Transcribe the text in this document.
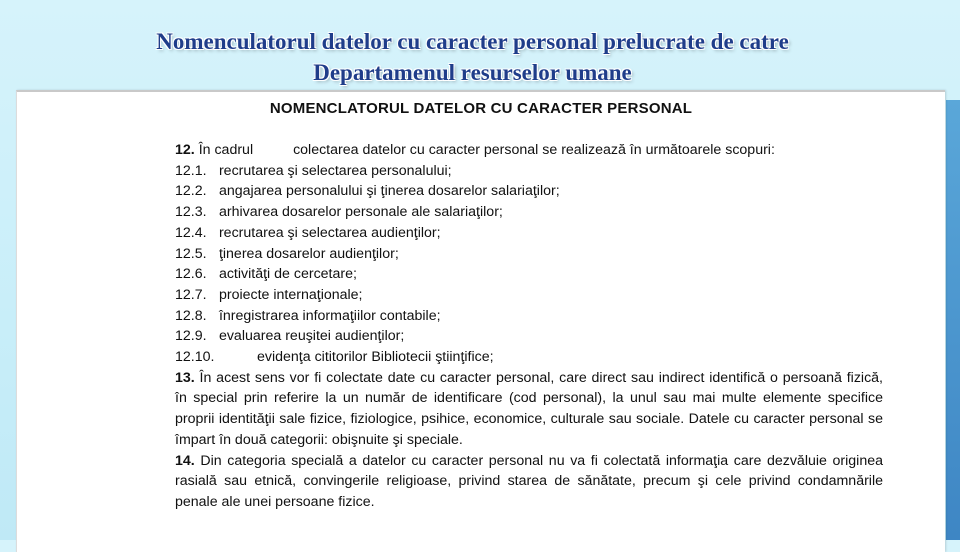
Nomenculatorul datelor cu caracter personal prelucrate de catre
Departamenul resurselor umane
NOMENCLATORUL DATELOR CU CARACTER PERSONAL
12. În cadrul	colectarea datelor cu caracter personal se realizează în următoarele scopuri:
12.1. recrutarea şi selectarea personalului;
12.2. angajarea personalului şi ţinerea dosarelor salariaţilor;
12.3. arhivarea dosarelor personale ale salariaţilor;
12.4. recrutarea şi selectarea audienţilor;
12.5. ţinerea dosarelor audienţilor;
12.6. activităţi de cercetare;
12.7. proiecte internaţionale;
12.8. înregistrarea informaţiilor contabile;
12.9. evaluarea reuşitei audienţilor;
12.10.	evidenţa cititorilor Bibliotecii ştiinţifice;
13. În acest sens vor fi colectate date cu caracter personal, care direct sau indirect identifică o persoană fizică, în special prin referire la un număr de identificare (cod personal), la unul sau mai multe elemente specifice proprii identităţii sale fizice, fiziologice, psihice, economice, culturale sau sociale. Datele cu caracter personal se împart în două categorii: obişnuite şi speciale.
14. Din categoria specială a datelor cu caracter personal nu va fi colectată informaţia care dezvăluie originea rasială sau etnică, convingerile religioase, privind starea de sănătate, precum şi cele privind condamnările penale ale unei persoane fizice.
